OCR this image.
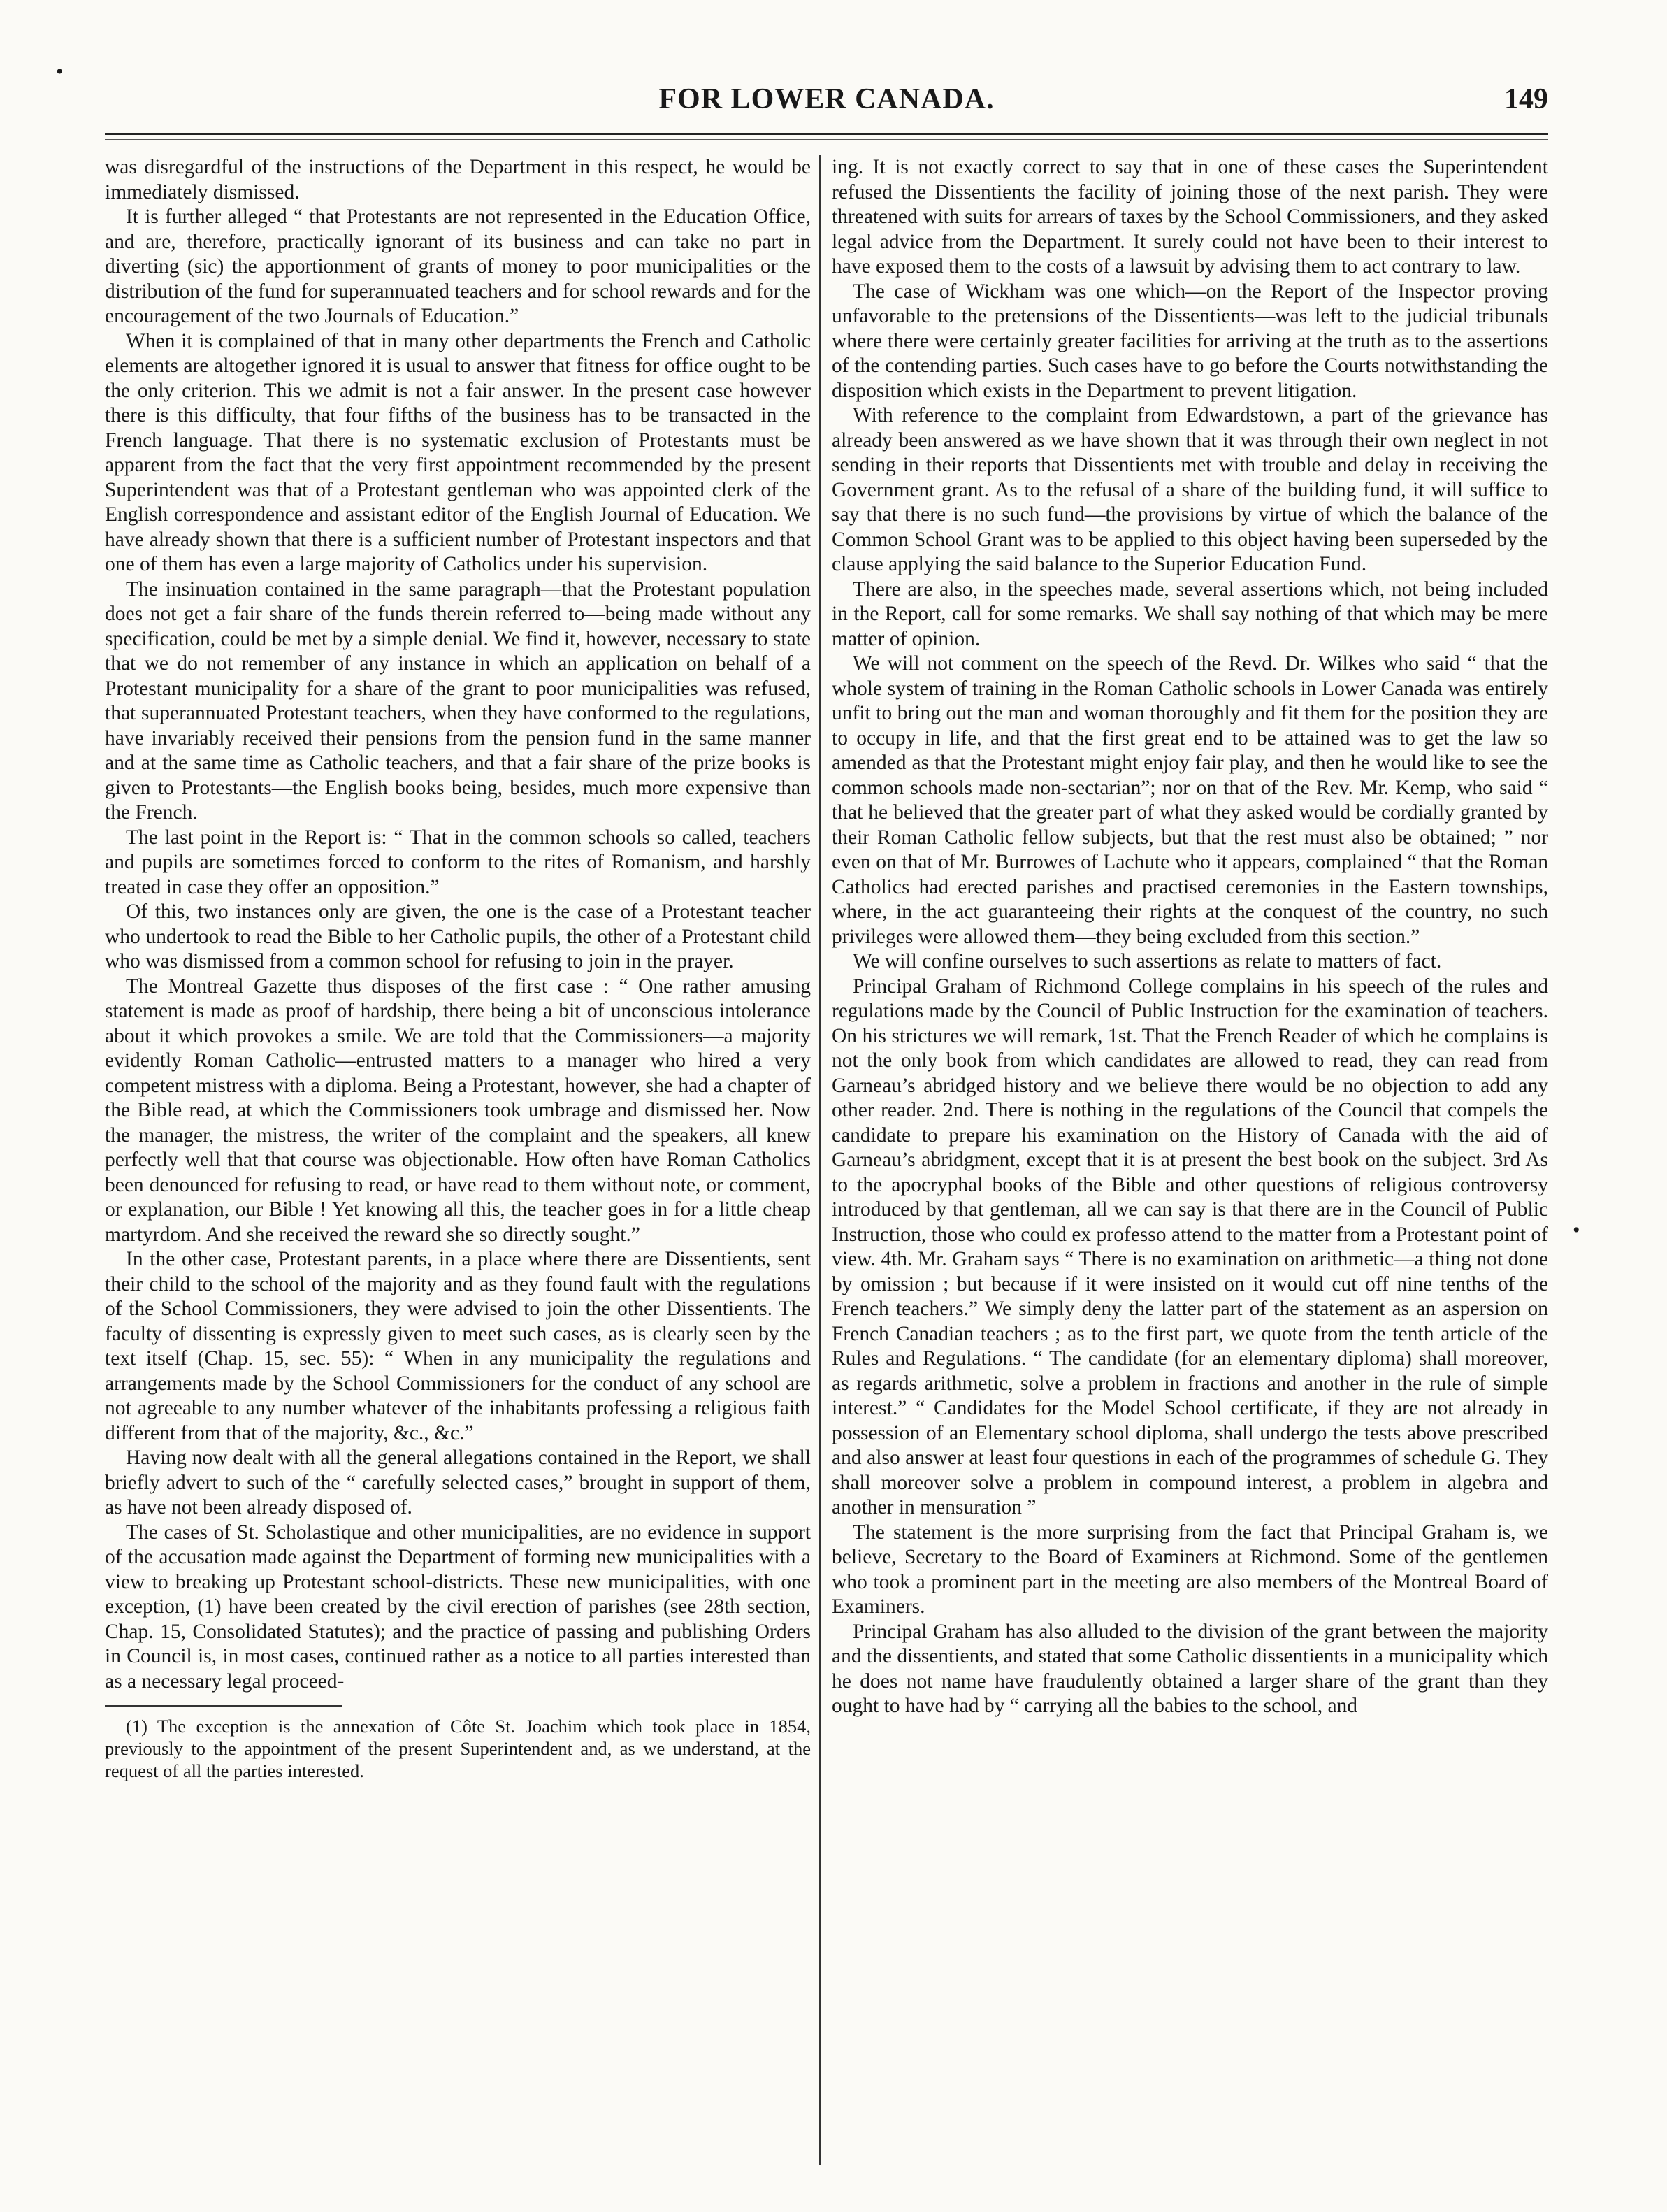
FOR LOWER CANADA.	149
•
•

was disregardful of the instructions of the Department in this respect, he would be immediately dismissed.

It is further alleged “ that Protestants are not represented in the Education Office, and are, therefore, practically ignorant of its business and can take no part in diverting (sic) the apportionment of grants of money to poor municipalities or the distribution of the fund for superannuated teachers and for school rewards and for the encouragement of the two Journals of Education.”

When it is complained of that in many other departments the French and Catholic elements are altogether ignored it is usual to answer that fitness for office ought to be the only criterion. This we admit is not a fair answer. In the present case however there is this difficulty, that four fifths of the business has to be transacted in the French language. That there is no systematic exclusion of Protestants must be apparent from the fact that the very first appointment recommended by the present Superintendent was that of a Protestant gentleman who was appointed clerk of the English correspondence and assistant editor of the English Journal of Education. We have already shown that there is a sufficient number of Protestant inspectors and that one of them has even a large majority of Catholics under his supervision.

The insinuation contained in the same paragraph—that the Protestant population does not get a fair share of the funds therein referred to—being made without any specification, could be met by a simple denial. We find it, however, necessary to state that we do not remember of any instance in which an application on behalf of a Protestant municipality for a share of the grant to poor municipalities was refused, that superannuated Protestant teachers, when they have conformed to the regulations, have invariably received their pensions from the pension fund in the same manner and at the same time as Catholic teachers, and that a fair share of the prize books is given to Protestants—the English books being, besides, much more expensive than the French.

The last point in the Report is: “ That in the common schools so called, teachers and pupils are sometimes forced to conform to the rites of Romanism, and harshly treated in case they offer an opposition.”

Of this, two instances only are given, the one is the case of a Protestant teacher who undertook to read the Bible to her Catholic pupils, the other of a Protestant child who was dismissed from a common school for refusing to join in the prayer.

The Montreal Gazette thus disposes of the first case : “ One rather amusing statement is made as proof of hardship, there being a bit of unconscious intolerance about it which provokes a smile. We are told that the Commissioners—a majority evidently Roman Catholic—entrusted matters to a manager who hired a very competent mistress with a diploma. Being a Protestant, however, she had a chapter of the Bible read, at which the Commissioners took umbrage and dismissed her. Now the manager, the mistress, the writer of the complaint and the speakers, all knew perfectly well that that course was objectionable. How often have Roman Catholics been denounced for refusing to read, or have read to them without note, or comment, or explanation, our Bible ! Yet knowing all this, the teacher goes in for a little cheap martyrdom. And she received the reward she so directly sought.”

In the other case, Protestant parents, in a place where there are Dissentients, sent their child to the school of the majority and as they found fault with the regulations of the School Commissioners, they were advised to join the other Dissentients. The faculty of dissenting is expressly given to meet such cases, as is clearly seen by the text itself (Chap. 15, sec. 55): “ When in any municipality the regulations and arrangements made by the School Commissioners for the conduct of any school are not agreeable to any number whatever of the inhabitants professing a religious faith different from that of the majority, &c., &c.”

Having now dealt with all the general allegations contained in the Report, we shall briefly advert to such of the “ carefully selected cases,” brought in support of them, as have not been already disposed of.

The cases of St. Scholastique and other municipalities, are no evidence in support of the accusation made against the Department of forming new municipalities with a view to breaking up Protestant school-districts. These new municipalities, with one exception, (1) have been created by the civil erection of parishes (see 28th section, Chap. 15, Consolidated Statutes); and the practice of passing and publishing Orders in Council is, in most cases, continued rather as a notice to all parties interested than as a necessary legal proceed-

(1) The exception is the annexation of Côte St. Joachim which took place in 1854, previously to the appointment of the present Superintendent and, as we understand, at the request of all the parties interested.

ing. It is not exactly correct to say that in one of these cases the Superintendent refused the Dissentients the facility of joining those of the next parish. They were threatened with suits for arrears of taxes by the School Commissioners, and they asked legal advice from the Department. It surely could not have been to their interest to have exposed them to the costs of a lawsuit by advising them to act contrary to law.

The case of Wickham was one which—on the Report of the Inspector proving unfavorable to the pretensions of the Dissentients—was left to the judicial tribunals where there were certainly greater facilities for arriving at the truth as to the assertions of the contending parties. Such cases have to go before the Courts notwithstanding the disposition which exists in the Department to prevent litigation.

With reference to the complaint from Edwardstown, a part of the grievance has already been answered as we have shown that it was through their own neglect in not sending in their reports that Dissentients met with trouble and delay in receiving the Government grant. As to the refusal of a share of the building fund, it will suffice to say that there is no such fund—the provisions by virtue of which the balance of the Common School Grant was to be applied to this object having been superseded by the clause applying the said balance to the Superior Education Fund.

There are also, in the speeches made, several assertions which, not being included in the Report, call for some remarks. We shall say nothing of that which may be mere matter of opinion.

We will not comment on the speech of the Revd. Dr. Wilkes who said “ that the whole system of training in the Roman Catholic schools in Lower Canada was entirely unfit to bring out the man and woman thoroughly and fit them for the position they are to occupy in life, and that the first great end to be attained was to get the law so amended as that the Protestant might enjoy fair play, and then he would like to see the common schools made non-sectarian”; nor on that of the Rev. Mr. Kemp, who said “ that he believed that the greater part of what they asked would be cordially granted by their Roman Catholic fellow subjects, but that the rest must also be obtained; ” nor even on that of Mr. Burrowes of Lachute who it appears, complained “ that the Roman Catholics had erected parishes and practised ceremonies in the Eastern townships, where, in the act guaranteeing their rights at the conquest of the country, no such privileges were allowed them—they being excluded from this section.”

We will confine ourselves to such assertions as relate to matters of fact.

Principal Graham of Richmond College complains in his speech of the rules and regulations made by the Council of Public Instruction for the examination of teachers. On his strictures we will remark, 1st. That the French Reader of which he complains is not the only book from which candidates are allowed to read, they can read from Garneau’s abridged history and we believe there would be no objection to add any other reader. 2nd. There is nothing in the regulations of the Council that compels the candidate to prepare his examination on the History of Canada with the aid of Garneau’s abridgment, except that it is at present the best book on the subject. 3rd As to the apocryphal books of the Bible and other questions of religious controversy introduced by that gentleman, all we can say is that there are in the Council of Public Instruction, those who could ex professo attend to the matter from a Protestant point of view. 4th. Mr. Graham says “ There is no examination on arithmetic—a thing not done by omission ; but because if it were insisted on it would cut off nine tenths of the French teachers.” We simply deny the latter part of the statement as an aspersion on French Canadian teachers ; as to the first part, we quote from the tenth article of the Rules and Regulations. “ The candidate (for an elementary diploma) shall moreover, as regards arithmetic, solve a problem in fractions and another in the rule of simple interest.” “ Candidates for the Model School certificate, if they are not already in possession of an Elementary school diploma, shall undergo the tests above prescribed and also answer at least four questions in each of the programmes of schedule G. They shall moreover solve a problem in compound interest, a problem in algebra and another in mensuration ”

The statement is the more surprising from the fact that Principal Graham is, we believe, Secretary to the Board of Examiners at Richmond. Some of the gentlemen who took a prominent part in the meeting are also members of the Montreal Board of Examiners.

Principal Graham has also alluded to the division of the grant between the majority and the dissentients, and stated that some Catholic dissentients in a municipality which he does not name have fraudulently obtained a larger share of the grant than they ought to have had by “ carrying all the babies to the school, and
